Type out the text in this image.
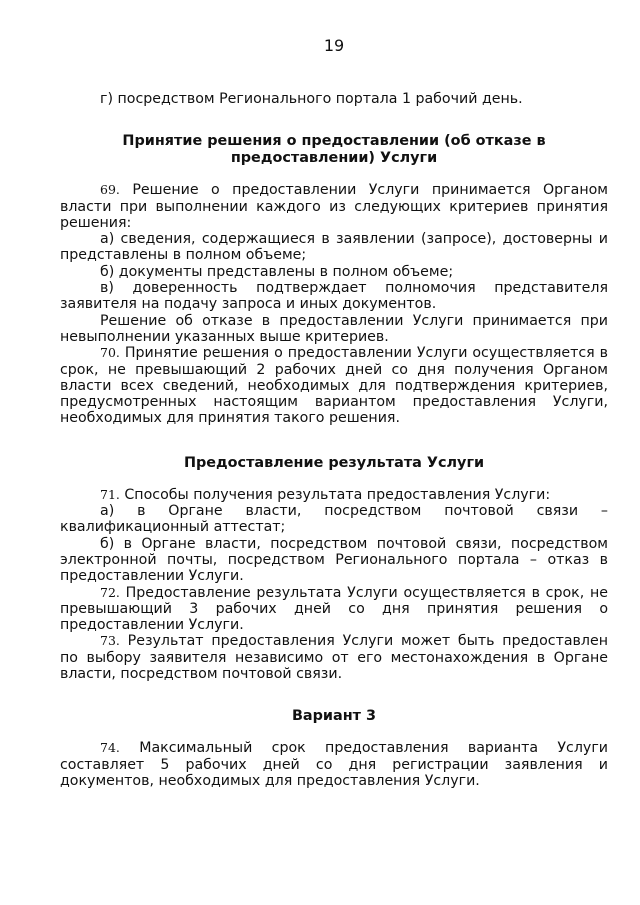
19

г) посредством Регионального портала 1 рабочий день.

Принятие решения о предоставлении (об отказе в предоставлении) Услуги

69. Решение о предоставлении Услуги принимается Органом власти при выполнении каждого из следующих критериев принятия решения:

а) сведения, содержащиеся в заявлении (запросе), достоверны и представлены в полном объеме;

б) документы представлены в полном объеме;

в) доверенность подтверждает полномочия представителя заявителя на подачу запроса и иных документов.

Решение об отказе в предоставлении Услуги принимается при невыполнении указанных выше критериев.

70. Принятие решения о предоставлении Услуги осуществляется в срок, не превышающий 2 рабочих дней со дня получения Органом власти всех сведений, необходимых для подтверждения критериев, предусмотренных настоящим вариантом предоставления Услуги, необходимых для принятия такого решения.

Предоставление результата Услуги

71. Способы получения результата предоставления Услуги:

а) в Органе власти, посредством почтовой связи – квалификационный аттестат;

б) в Органе власти, посредством почтовой связи, посредством электронной почты, посредством Регионального портала – отказ в предоставлении Услуги.

72. Предоставление результата Услуги осуществляется в срок, не превышающий 3 рабочих дней со дня принятия решения о предоставлении Услуги.

73. Результат предоставления Услуги может быть предоставлен по выбору заявителя независимо от его местонахождения в Органе власти, посредством почтовой связи.

Вариант 3

74. Максимальный срок предоставления варианта Услуги составляет 5 рабочих дней со дня регистрации заявления и документов, необходимых для предоставления Услуги.
